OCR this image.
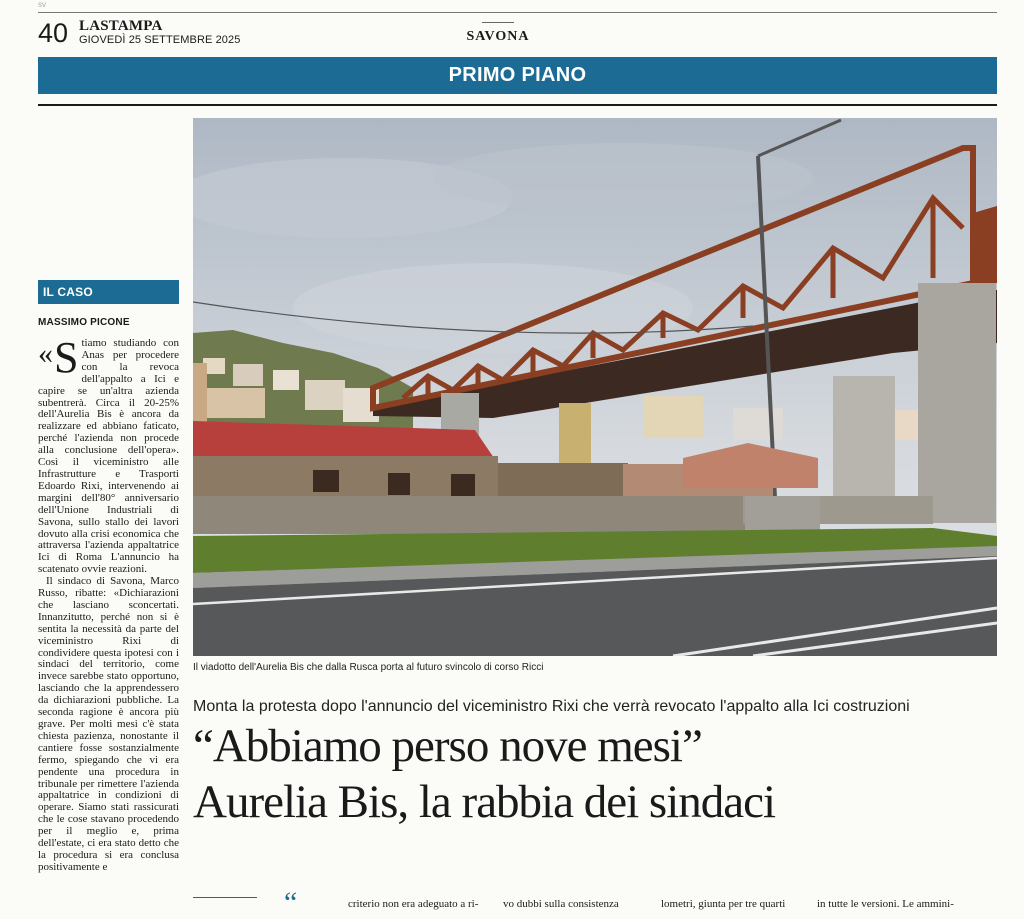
SV
40 LASTAMPA
GIOVEDÌ 25 SETTEMBRE 2025	SAVONA
PRIMO PIANO
IL CASO
MASSIMO PICONE

« S tiamo studiando con Anas per procedere con la revoca dell'appalto a Ici e capire se un'altra azienda subentrerà. Circa il 20-25% dell'Aurelia Bis è ancora da realizzare ed abbiano faticato, perché l'azienda non procede alla conclusione dell'opera». Così il viceministro alle Infrastrutture e Trasporti Edoardo Rixi, intervenendo ai margini dell'80° anniversario dell'Unione Industriali di Savona, sullo stallo dei lavori dovuto alla crisi economica che attraversa l'azienda appaltatrice Ici di Roma L'annuncio ha scatenato ovvie reazioni.

Il sindaco di Savona, Marco Russo, ribatte: «Dichiarazioni che lasciano sconcertati. Innanzitutto, perché non si è sentita la necessità da parte del viceministro Rixi di condividere questa ipotesi con i sindaci del territorio, come invece sarebbe stato opportuno, lasciando che la apprendessero da dichiarazioni pubbliche. La seconda ragione è ancora più grave. Per molti mesi c'è stata chiesta pazienza, nonostante il cantiere fosse sostanzialmente fermo, spiegando che vi era pendente una procedura in tribunale per rimettere l'azienda appaltatrice in condizioni di operare. Siamo stati rassicurati che le cose stavano procedendo per il meglio e, prima dell'estate, ci era stato detto che la procedura si era conclusa positivamente e

Il viadotto dell'Aurelia Bis che dalla Rusca porta al futuro svincolo di corso Ricci
Monta la protesta dopo l'annuncio del viceministro Rixi che verrà revocato l'appalto alla Ici costruzioni
“Abbiamo perso nove mesi”
Aurelia Bis, la rabbia dei sindaci
“	criterio non era adeguato a ri- vo dubbi sulla consistenza	lometri, giunta per tre quarti	in tutte le versioni. Le ammini-
